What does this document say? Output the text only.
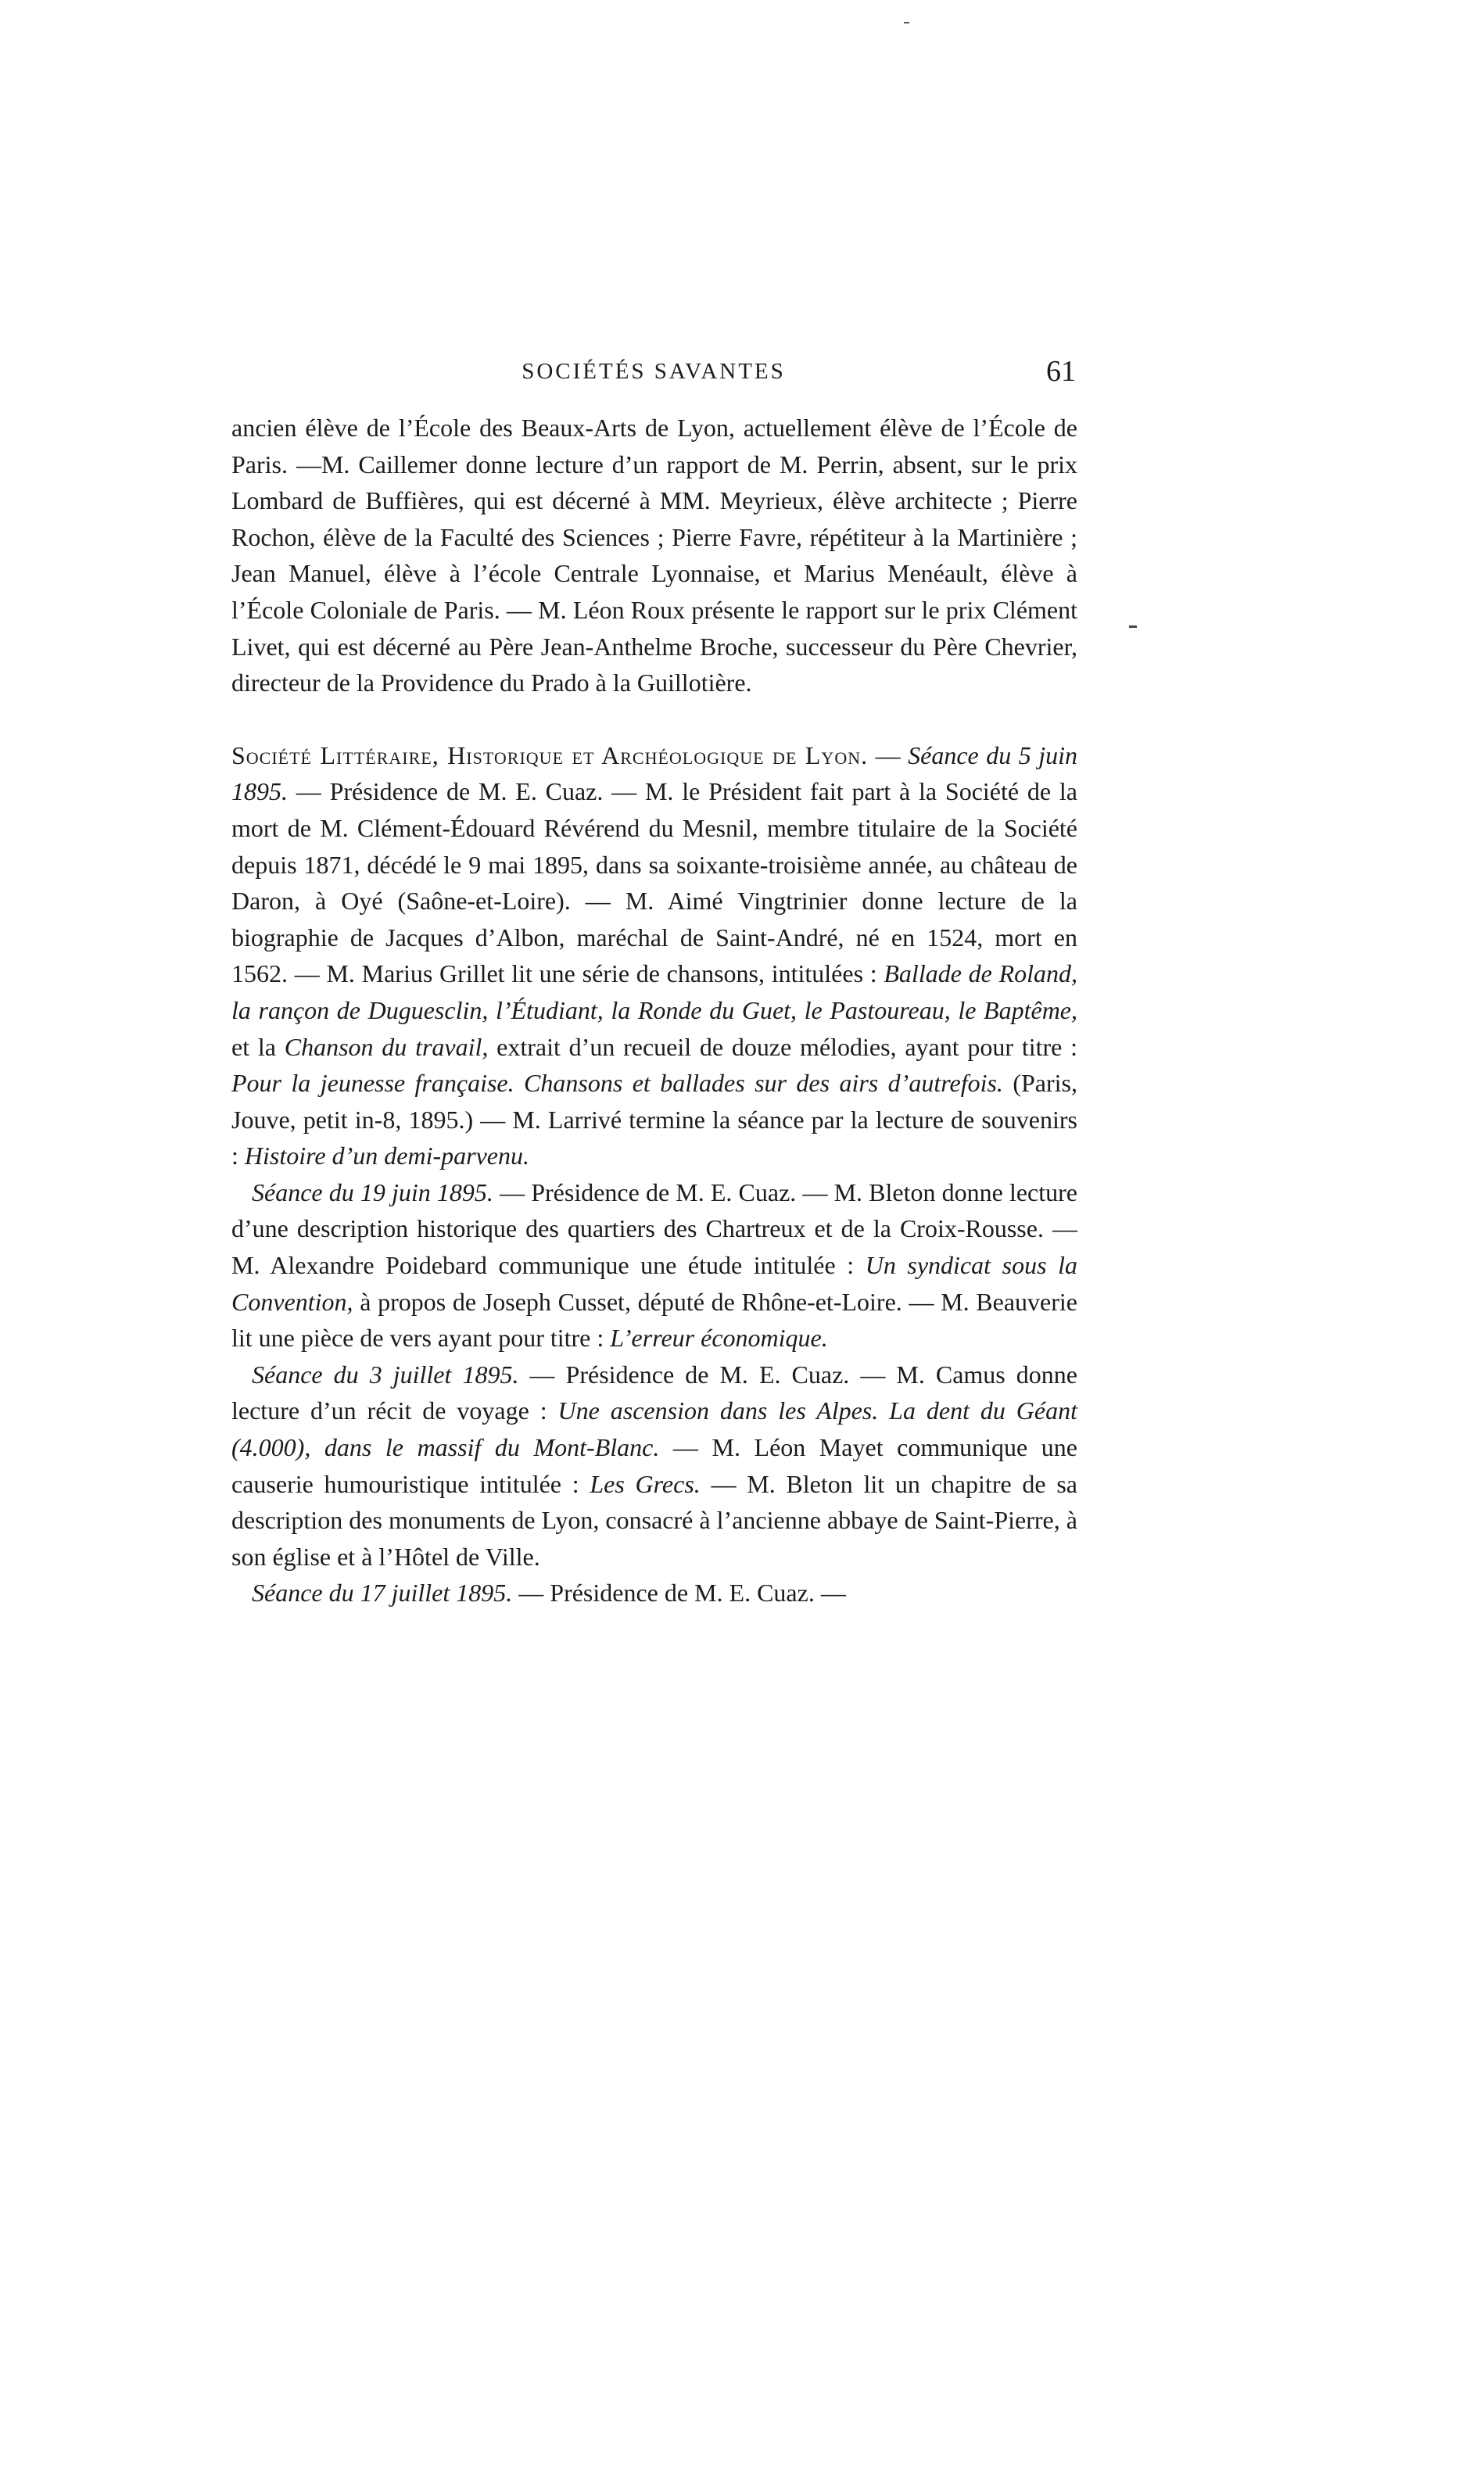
SOCIÉTÉS SAVANTES	61

ancien élève de l’École des Beaux-Arts de Lyon, actuellement élève de l’École de Paris. —M. Caillemer donne lecture d’un rapport de M. Perrin, absent, sur le prix Lombard de Buffières, qui est décerné à MM. Meyrieux, élève architecte ; Pierre Rochon, élève de la Faculté des Sciences ; Pierre Favre, répétiteur à la Martinière ; Jean Manuel, élève à l’école Centrale Lyonnaise, et Marius Menéault, élève à l’École Coloniale de Paris. — M. Léon Roux présente le rapport sur le prix Clément Livet, qui est décerné au Père Jean-Anthelme Broche, successeur du Père Chevrier, directeur de la Providence du Prado à la Guillotière.

Société Littéraire, Historique et Archéologique de Lyon. — Séance du 5 juin 1895. — Présidence de M. E. Cuaz. — M. le Président fait part à la Société de la mort de M. Clément-Édouard Révérend du Mesnil, membre titulaire de la Société depuis 1871, décédé le 9 mai 1895, dans sa soixante-troisième année, au château de Daron, à Oyé (Saône-et-Loire). — M. Aimé Vingtrinier donne lecture de la biographie de Jacques d’Albon, maréchal de Saint-André, né en 1524, mort en 1562. — M. Marius Grillet lit une série de chansons, intitulées : Ballade de Roland, la rançon de Duguesclin, l’Étudiant, la Ronde du Guet, le Pastoureau, le Baptême, et la Chanson du travail, extrait d’un recueil de douze mélodies, ayant pour titre : Pour la jeunesse française. Chansons et ballades sur des airs d’autrefois. (Paris, Jouve, petit in-8, 1895.) — M. Larrivé termine la séance par la lecture de souvenirs : Histoire d’un demi-parvenu.

Séance du 19 juin 1895. — Présidence de M. E. Cuaz. — M. Bleton donne lecture d’une description historique des quartiers des Chartreux et de la Croix-Rousse. — M. Alexandre Poidebard communique une étude intitulée : Un syndicat sous la Convention, à propos de Joseph Cusset, député de Rhône-et-Loire. — M. Beauverie lit une pièce de vers ayant pour titre : L’erreur économique.

Séance du 3 juillet 1895. — Présidence de M. E. Cuaz. — M. Camus donne lecture d’un récit de voyage : Une ascension dans les Alpes. La dent du Géant (4.000), dans le massif du Mont-Blanc. — M. Léon Mayet communique une causerie humouristique intitulée : Les Grecs. — M. Bleton lit un chapitre de sa description des monuments de Lyon, consacré à l’ancienne abbaye de Saint-Pierre, à son église et à l’Hôtel de Ville.

Séance du 17 juillet 1895. — Présidence de M. E. Cuaz. —
